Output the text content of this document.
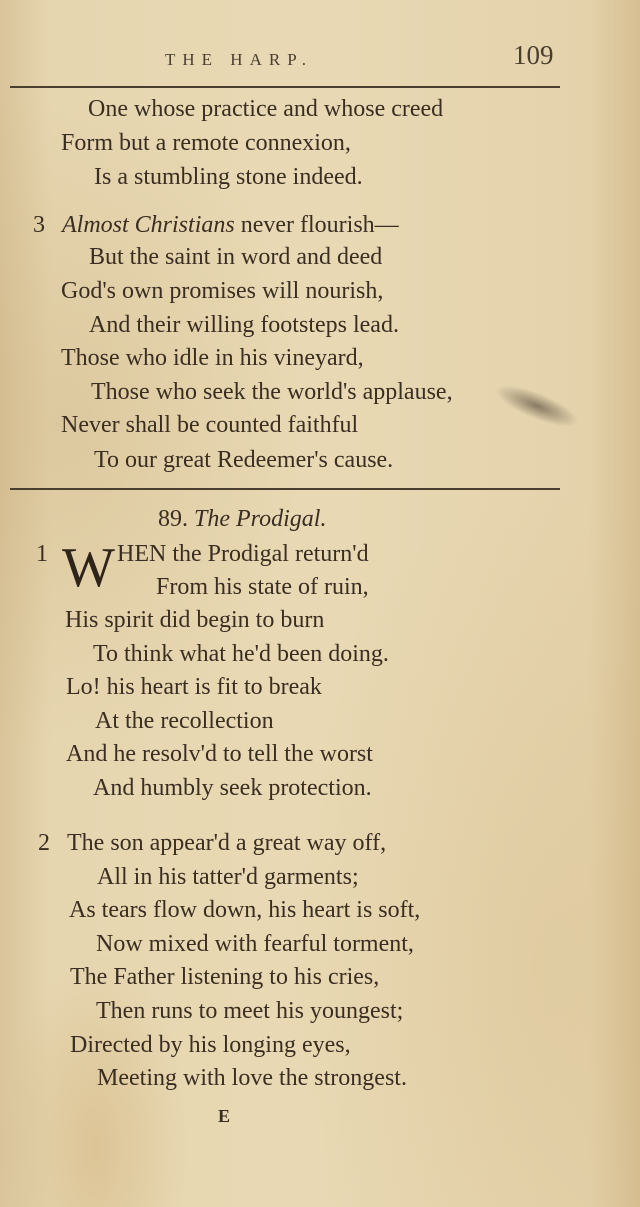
THE HARP.	109
One whose practice and whose creed
Form but a remote connexion,
Is a stumbling stone indeed.
3 Almost Christians never flourish—
But the saint in word and deed
God's own promises will nourish,
And their willing footsteps lead.
Those who idle in his vineyard,
Those who seek the world's applause,
Never shall be counted faithful
To our great Redeemer's cause.
89. The Prodigal.
1 W HEN the Prodigal return'd
From his state of ruin,
His spirit did begin to burn
To think what he'd been doing.
Lo! his heart is fit to break
At the recollection
And he resolv'd to tell the worst
And humbly seek protection.
2 The son appear'd a great way off,
All in his tatter'd garments;
As tears flow down, his heart is soft,
Now mixed with fearful torment,
The Father listening to his cries,
Then runs to meet his youngest;
Directed by his longing eyes,
Meeting with love the strongest.
E
